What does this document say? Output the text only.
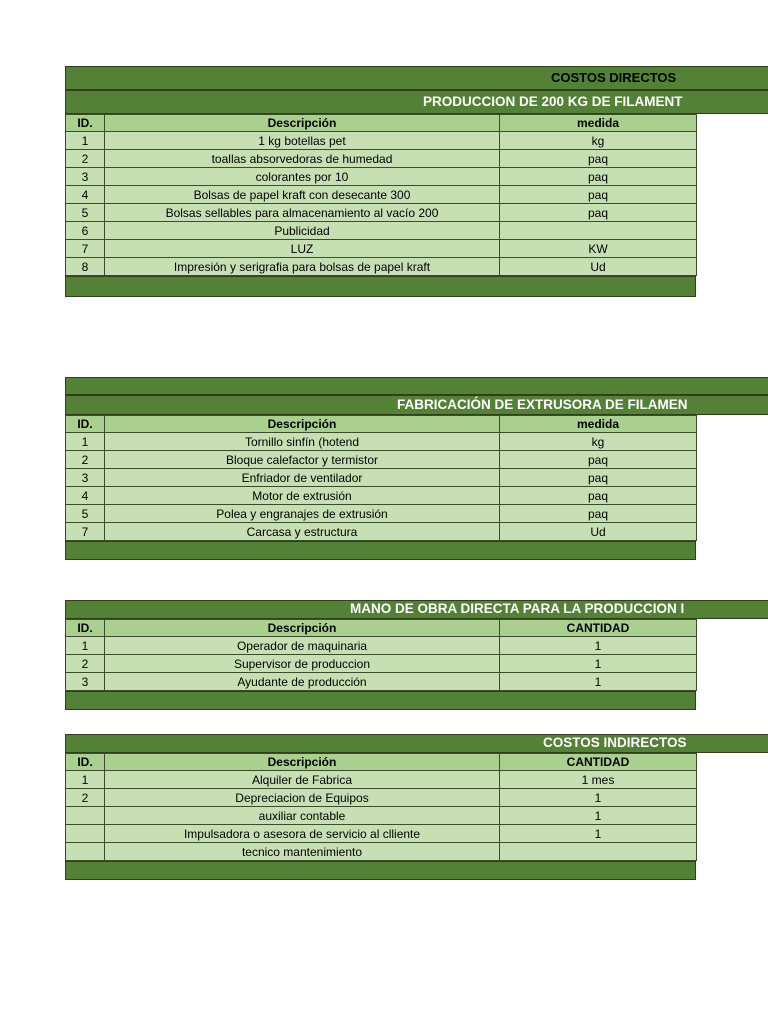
COSTOS DIRECTOS
PRODUCCION DE 200 KG DE FILAMENT
ID.	Descripción	medida
1	1 kg botellas pet	kg
2	toallas absorvedoras de humedad	paq
3	colorantes por 10	paq
4	Bolsas de papel kraft con desecante 300	paq
5	Bolsas sellables para almacenamiento al vacío 200	paq
6	Publicidad	
7	LUZ	KW
8	Impresión y serigrafia para bolsas de papel kraft	Ud
FABRICACIÓN DE EXTRUSORA DE FILAMEN
ID.	Descripción	medida
1	Tornillo sinfín (hotend	kg
2	Bloque calefactor y termistor	paq
3	Enfriador de ventilador	paq
4	Motor de extrusión	paq
5	Polea y engranajes de extrusión	paq
7	Carcasa y estructura	Ud
MANO DE OBRA DIRECTA PARA LA PRODUCCION I
ID.	Descripción	CANTIDAD
1	Operador de maquinaria	1
2	Supervisor de produccion	1
3	Ayudante de producción	1
COSTOS INDIRECTOS
ID.	Descripción	CANTIDAD
1	Alquiler de Fabrica	1 mes
2	Depreciacion de Equipos	1
	auxiliar contable	1
	Impulsadora o asesora de servicio al clliente	1
	tecnico mantenimiento	
